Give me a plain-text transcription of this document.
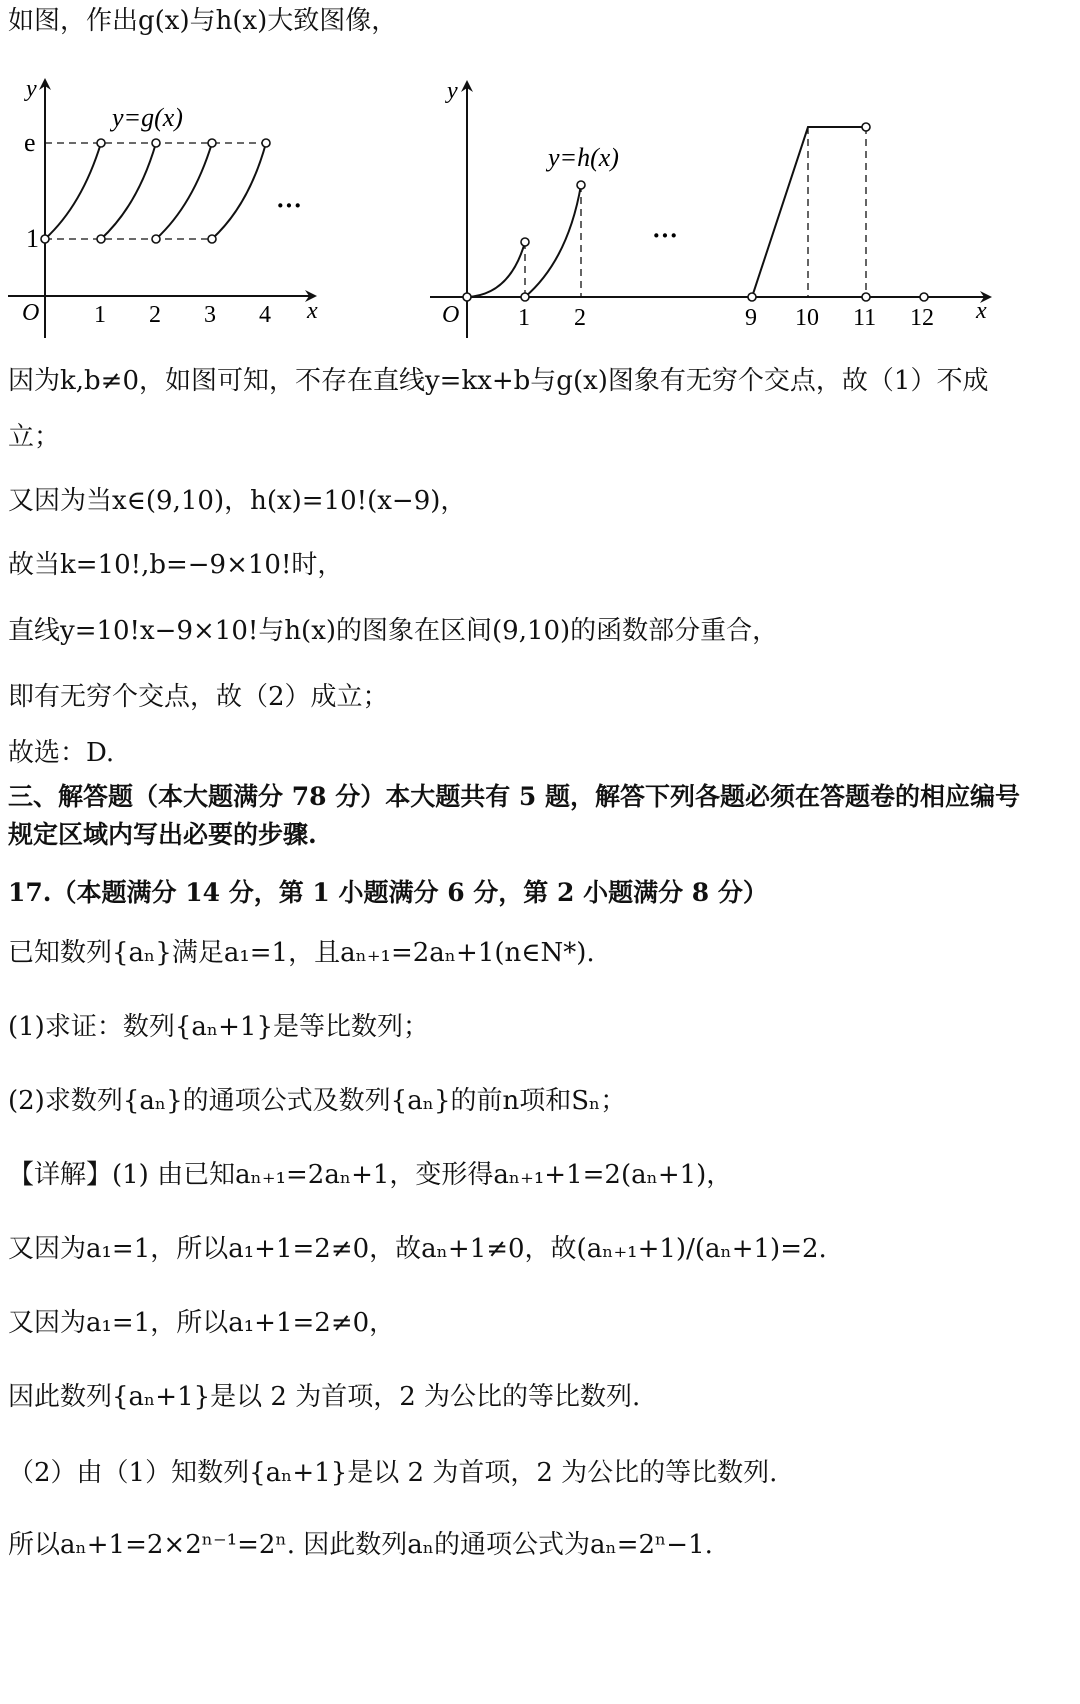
如图，作出g(x)与h(x)大致图像，
y
x
O
e
1
1 2 3 4
y=g(x)
···
y
x
O 1 2	9 10 11 12
y=h(x)
···
因为k,b≠0，如图可知，不存在直线y=kx+b与g(x)图象有无穷个交点，故（1）不成
立；
又因为当x∈(9,10)，h(x)=10!(x−9)，
故当k=10!,b=−9×10!时，
直线y=10!x−9×10!与h(x)的图象在区间(9,10)的函数部分重合，
即有无穷个交点，故（2）成立；
故选：D.
三、解答题（本大题满分 78 分）本大题共有 5 题，解答下列各题必须在答题卷的相应编号
规定区域内写出必要的步骤.
17.（本题满分 14 分，第 1 小题满分 6 分，第 2 小题满分 8 分）
已知数列{aₙ}满足a₁=1，且aₙ₊₁=2aₙ+1(n∈N*).
(1)求证：数列{aₙ+1}是等比数列；
(2)求数列{aₙ}的通项公式及数列{aₙ}的前n项和Sₙ；
【详解】(1) 由已知aₙ₊₁=2aₙ+1，变形得aₙ₊₁+1=2(aₙ+1)，
又因为a₁=1，所以a₁+1=2≠0，故aₙ+1≠0，故(aₙ₊₁+1)/(aₙ+1)=2.
又因为a₁=1，所以a₁+1=2≠0，
因此数列{aₙ+1}是以 2 为首项，2 为公比的等比数列.
（2）由（1）知数列{aₙ+1}是以 2 为首项，2 为公比的等比数列.
所以aₙ+1=2×2ⁿ⁻¹=2ⁿ. 因此数列aₙ的通项公式为aₙ=2ⁿ−1.
